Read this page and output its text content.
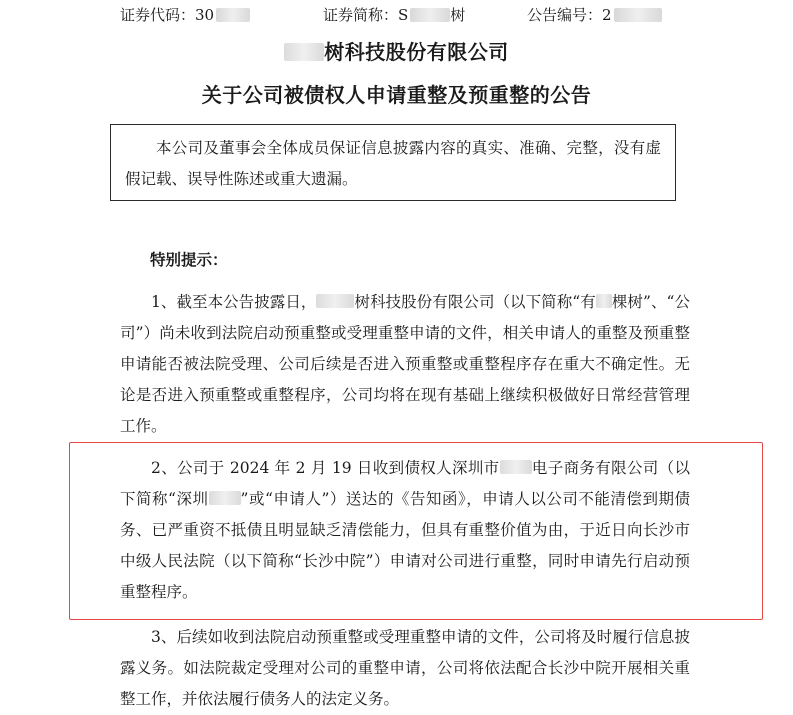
证券代码：30	证券简称：S	树	公告编号：2
树科技股份有限公司
关于公司被债权人申请重整及预重整的公告
本公司及董事会全体成员保证信息披露内容的真实、准确、完整，没有虚假记载、误导性陈述或重大遗漏。
特别提示：
1、截至本公告披露日， 树科技股份有限公司（以下简称“有 棵树”、“公司”）尚未收到法院启动预重整或受理重整申请的文件，相关申请人的重整及预重整申请能否被法院受理、公司后续是否进入预重整或重整程序存在重大不确定性。无论是否进入预重整或重整程序，公司均将在现有基础上继续积极做好日常经营管理工作。
2、公司于 2024 年 2 月 19 日收到债权人深圳市 电子商务有限公司（以下简称“深圳 ”或“申请人”）送达的《告知函》，申请人以公司不能清偿到期债务、已严重资不抵债且明显缺乏清偿能力，但具有重整价值为由，于近日向长沙市中级人民法院（以下简称“长沙中院”）申请对公司进行重整，同时申请先行启动预重整程序。
3、后续如收到法院启动预重整或受理重整申请的文件，公司将及时履行信息披露义务。如法院裁定受理对公司的重整申请，公司将依法配合长沙中院开展相关重整工作，并依法履行债务人的法定义务。
